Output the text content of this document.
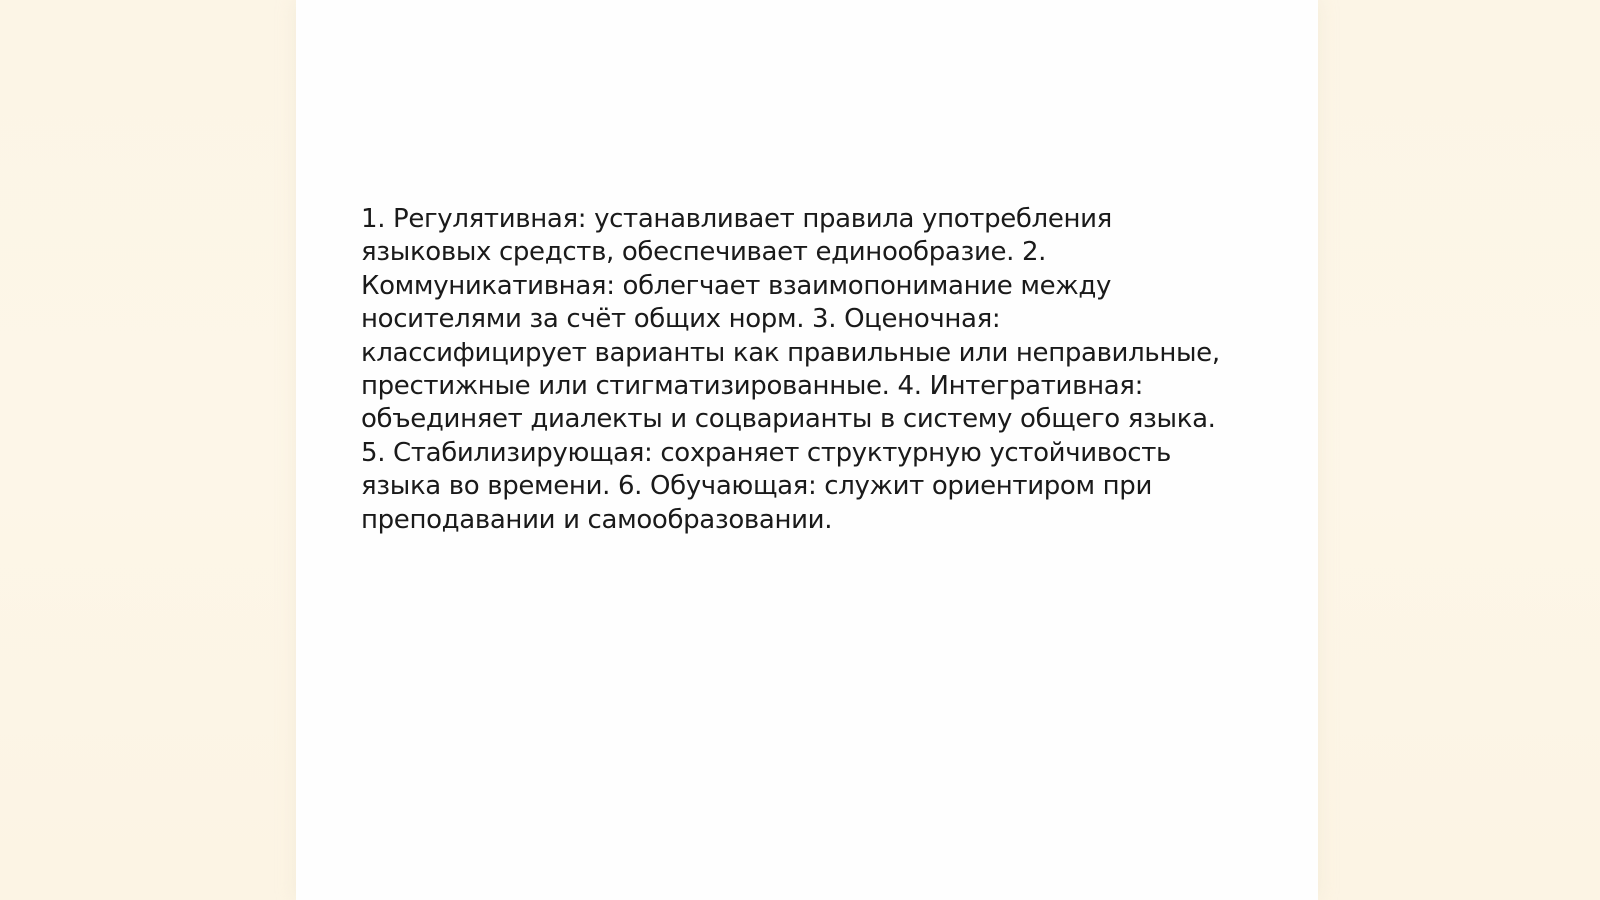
1. Регулятивная: устанавливает правила употребления
языковых средств, обеспечивает единообразие. 2.
Коммуникативная: облегчает взаимопонимание между
носителями за счёт общих норм. 3. Оценочная:
классифицирует варианты как правильные или неправильные,
престижные или стигматизированные. 4. Интегративная:
объединяет диалекты и соцварианты в систему общего языка.
5. Стабилизирующая: сохраняет структурную устойчивость
языка во времени. 6. Обучающая: служит ориентиром при
преподавании и самообразовании.
